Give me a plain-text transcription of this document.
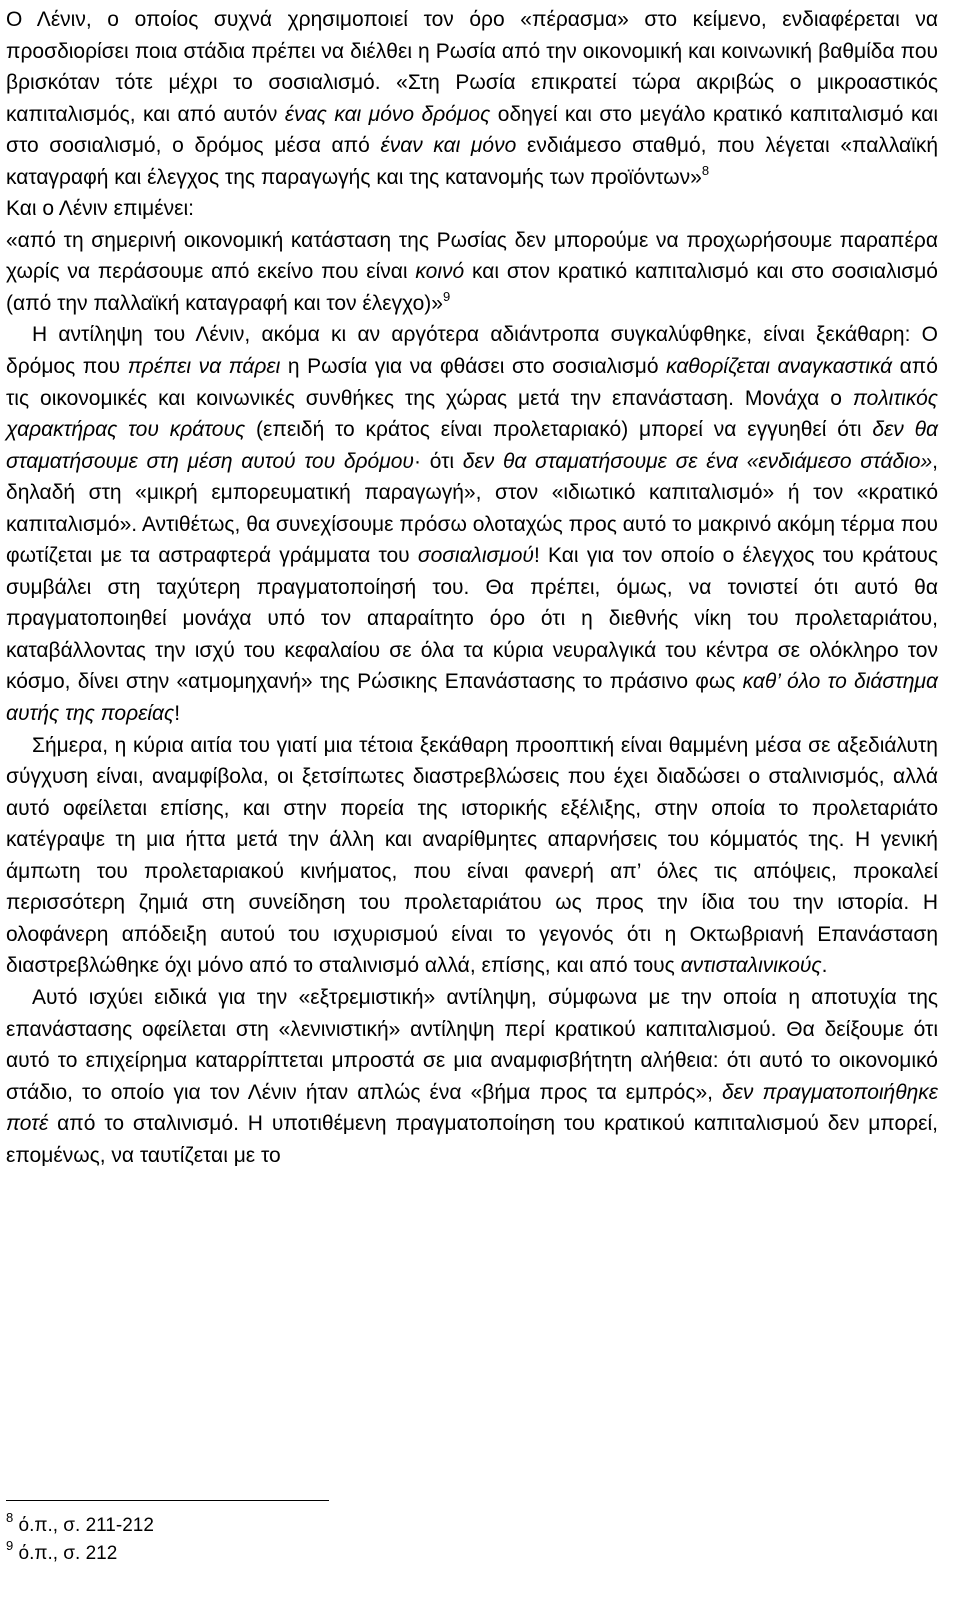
Ο Λένιν, ο οποίος συχνά χρησιμοποιεί τον όρο «πέρασμα» στο κείμενο, ενδιαφέρεται να προσδιορίσει ποια στάδια πρέπει να διέλθει η Ρωσία από την οικονομική και κοινωνική βαθμίδα που βρισκόταν τότε μέχρι το σοσιαλισμό. «Στη Ρωσία επικρατεί τώρα ακριβώς ο μικροαστικός καπιταλισμός, και από αυτόν ένας και μόνο δρόμος οδηγεί και στο μεγάλο κρατικό καπιταλισμό και στο σοσιαλισμό, ο δρόμος μέσα από έναν και μόνο ενδιάμεσο σταθμό, που λέγεται «παλλαϊκή καταγραφή και έλεγχος της παραγωγής και της κατανομής των προϊόντων»$^8$

Και ο Λένιν επιμένει:

«από τη σημερινή οικονομική κατάσταση της Ρωσίας δεν μπορούμε να προχωρήσουμε παραπέρα χωρίς να περάσουμε από εκείνο που είναι κοινό και στον κρατικό καπιταλισμό και στο σοσιαλισμό (από την παλλαϊκή καταγραφή και τον έλεγχο)»$^9$

Η αντίληψη του Λένιν, ακόμα κι αν αργότερα αδιάντροπα συγκαλύφθηκε, είναι ξεκάθαρη: Ο δρόμος που πρέπει να πάρει η Ρωσία για να φθάσει στο σοσιαλισμό καθορίζεται αναγκαστικά από τις οικονομικές και κοινωνικές συνθήκες της χώρας μετά την επανάσταση. Μονάχα ο πολιτικός χαρακτήρας του κράτους (επειδή το κράτος είναι προλεταριακό) μπορεί να εγγυηθεί ότι δεν θα σταματήσουμε στη μέση αυτού του δρόμου· ότι δεν θα σταματήσουμε σε ένα «ενδιάμεσο στάδιο», δηλαδή στη «μικρή εμπορευματική παραγωγή», στον «ιδιωτικό καπιταλισμό» ή τον «κρατικό καπιταλισμό». Αντιθέτως, θα συνεχίσουμε πρόσω ολοταχώς προς αυτό το μακρινό ακόμη τέρμα που φωτίζεται με τα αστραφτερά γράμματα του σοσιαλισμού! Και για τον οποίο ο έλεγχος του κράτους συμβάλει στη ταχύτερη πραγματοποίησή του. Θα πρέπει, όμως, να τονιστεί ότι αυτό θα πραγματοποιηθεί μονάχα υπό τον απαραίτητο όρο ότι η διεθνής νίκη του προλεταριάτου, καταβάλλοντας την ισχύ του κεφαλαίου σε όλα τα κύρια νευραλγικά του κέντρα σε ολόκληρο τον κόσμο, δίνει στην «ατμομηχανή» της Ρώσικης Επανάστασης το πράσινο φως καθ’ όλο το διάστημα αυτής της πορείας!

Σήμερα, η κύρια αιτία του γιατί μια τέτοια ξεκάθαρη προοπτική είναι θαμμένη μέσα σε αξεδιάλυτη σύγχυση είναι, αναμφίβολα, οι ξετσίπωτες διαστρεβλώσεις που έχει διαδώσει ο σταλινισμός, αλλά αυτό οφείλεται επίσης, και στην πορεία της ιστορικής εξέλιξης, στην οποία το προλεταριάτο κατέγραψε τη μια ήττα μετά την άλλη και αναρίθμητες απαρνήσεις του κόμματός της. Η γενική άμπωτη του προλεταριακού κινήματος, που είναι φανερή απ’ όλες τις απόψεις, προκαλεί περισσότερη ζημιά στη συνείδηση του προλεταριάτου ως προς την ίδια του την ιστορία. Η ολοφάνερη απόδειξη αυτού του ισχυρισμού είναι το γεγονός ότι η Οκτωβριανή Επανάσταση διαστρεβλώθηκε όχι μόνο από το σταλινισμό αλλά, επίσης, και από τους αντισταλινικούς.

Αυτό ισχύει ειδικά για την «εξτρεμιστική» αντίληψη, σύμφωνα με την οποία η αποτυχία της επανάστασης οφείλεται στη «λενινιστική» αντίληψη περί κρατικού καπιταλισμού. Θα δείξουμε ότι αυτό το επιχείρημα καταρρίπτεται μπροστά σε μια αναμφισβήτητη αλήθεια: ότι αυτό το οικονομικό στάδιο, το οποίο για τον Λένιν ήταν απλώς ένα «βήμα προς τα εμπρός», δεν πραγματοποιήθηκε ποτέ από το σταλινισμό. Η υποτιθέμενη πραγματοποίηση του κρατικού καπιταλισμού δεν μπορεί, επομένως, να ταυτίζεται με το

$^8$ ό.π., σ. 211-212

$^9$ ό.π., σ. 212
